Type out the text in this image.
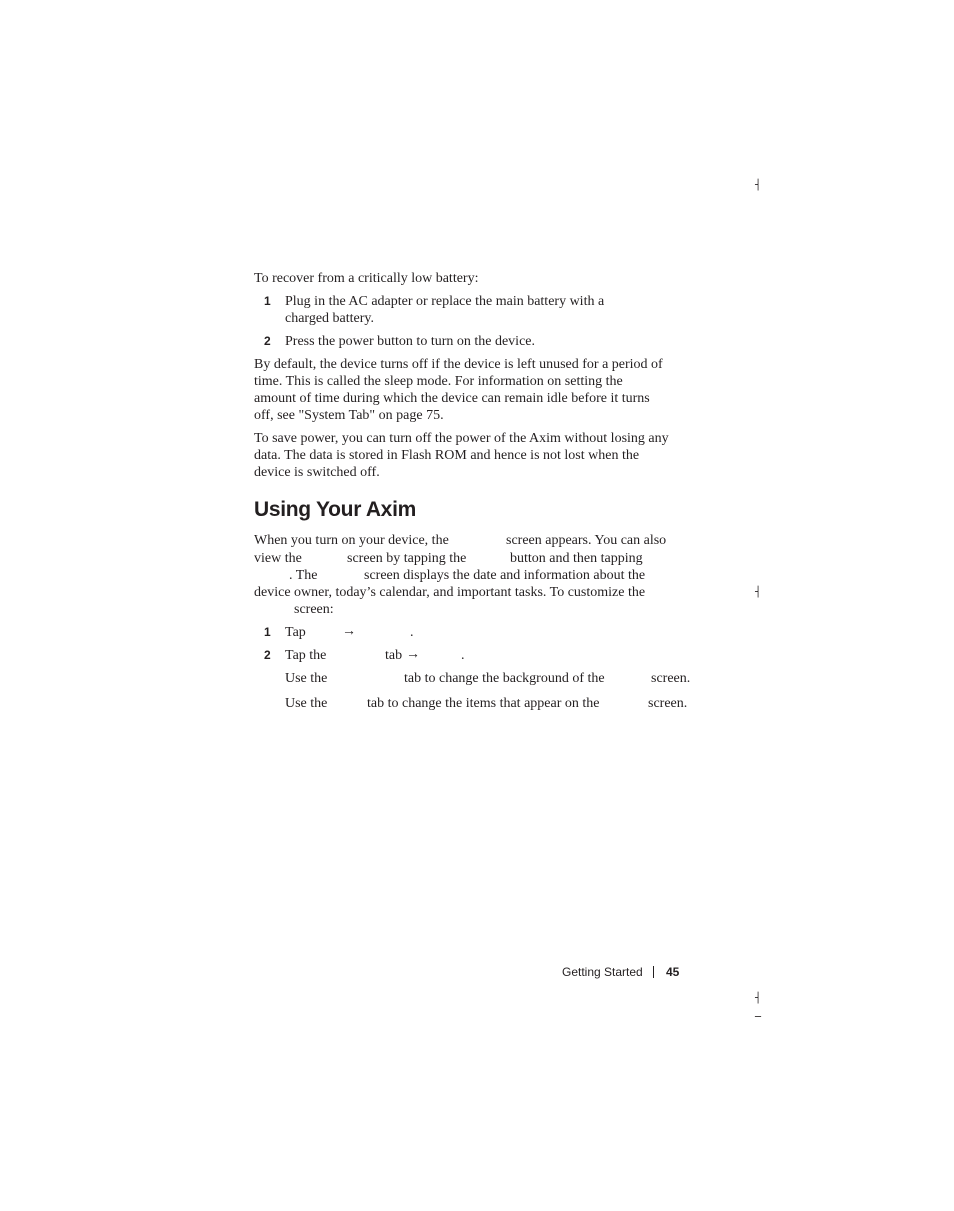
┤
┤
┤
─
To recover from a critically low battery:
1 Plug in the AC adapter or replace the main battery with a
charged battery.
2 Press the power button to turn on the device.
By default, the device turns off if the device is left unused for a period of
time. This is called the sleep mode. For information on setting the
amount of time during which the device can remain idle before it turns
off, see "System Tab" on page 75.
To save power, you can turn off the power of the Axim without losing any
data. The data is stored in Flash ROM and hence is not lost when the
device is switched off.
Using Your Axim
When you turn on your device, the	screen appears. You can also
view the	screen by tapping the	button and then tapping
. The	screen displays the date and information about the
device owner, today’s calendar, and important tasks. To customize the
screen:
1 Tap	→	.
2 Tap the	tab →	.
Use the	tab to change the background of the	screen.
Use the	tab to change the items that appear on the	screen.
Getting Started 45
